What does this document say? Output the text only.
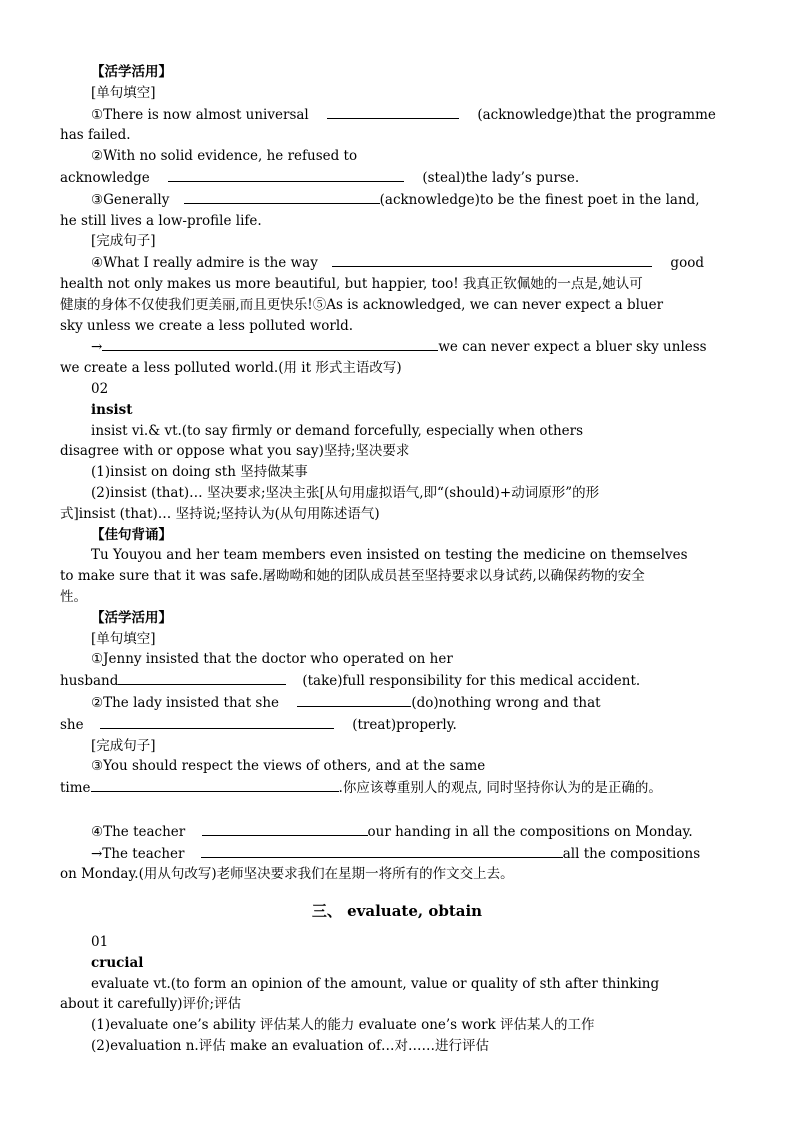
【活学活用】
[单句填空]
①There is now almost universal	(acknowledge)that the programme
has failed.
②With no solid evidence, he refused to
acknowledge	(steal)the lady’s purse.
③Generally	(acknowledge)to be the finest poet in the land,
he still lives a low-profile life.
[完成句子]
④What I really admire is the way	good
health not only makes us more beautiful, but happier, too! 我真正钦佩她的一点是,她认可
健康的身体不仅使我们更美丽,而且更快乐!⑤As is acknowledged, we can never expect a bluer
sky unless we create a less polluted world.
→	we can never expect a bluer sky unless
we create a less polluted world.(用 it 形式主语改写)
02
insist
insist vi.& vt.(to say firmly or demand forcefully, especially when others
disagree with or oppose what you say)坚持;坚决要求
(1)insist on doing sth 坚持做某事
(2)insist (that)… 坚决要求;坚决主张[从句用虚拟语气,即“(should)+动词原形”的形
式]insist (that)… 坚持说;坚持认为(从句用陈述语气)
【佳句背诵】
Tu Youyou and her team members even insisted on testing the medicine on themselves
to make sure that it was safe.屠呦呦和她的团队成员甚至坚持要求以身试药,以确保药物的安全
性。
【活学活用】
[单句填空]
①Jenny insisted that the doctor who operated on her
husband	(take)full responsibility for this medical accident.
②The lady insisted that she	(do)nothing wrong and that
she	(treat)properly.
[完成句子]
③You should respect the views of others, and at the same
time	.你应该尊重别人的观点, 同时坚持你认为的是正确的。
④The teacher	our handing in all the compositions on Monday.
→The teacher	all the compositions
on Monday.(用从句改写)老师坚决要求我们在星期一将所有的作文交上去。
三、 evaluate, obtain
01
crucial
evaluate vt.(to form an opinion of the amount, value or quality of sth after thinking
about it carefully)评价;评估
(1)evaluate one’s ability 评估某人的能力 evaluate one’s work 评估某人的工作
(2)evaluation n.评估 make an evaluation of…对……进行评估
